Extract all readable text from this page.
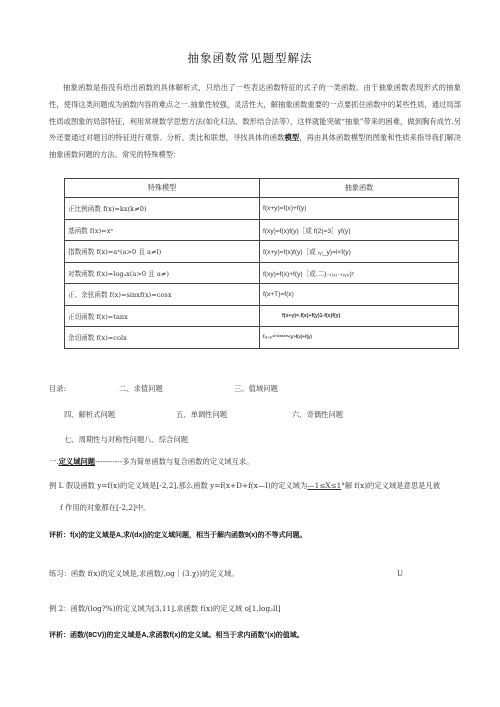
抽象函数常见题型解法
抽象函数是指没有给出函数的具体解析式，只给出了一些表达函数特征的式子的一类函数。由于抽象函数表现形式的抽象性，使得这类问题成为函数内容的难点之一.抽象性较强，灵活性大，解抽象函数重要的一点要抓住函数中的某些性质，通过局部性质或图象的局部特征，利用常规数学思想方法(如化归法、数形结合法等），这样就能突破“抽象”带来的困难，做到胸有成竹.另外还要通过对题目的特征进行观察、分析、类比和联想，寻找具体的函数模型，再由具体函数模型的图象和性质来指导我们解决抽象函数问题的方法。常见的特殊模型：
特殊模型	抽象函数
正比例函数 f(x)=kx(k≠0)	f(x+y)=f(x)+f(y)
基函数 f(x)=xⁿ	f(xy)=f(x)f(y)［或 f(2)=3］yf(y)
指数函数 f(x)=aˣ(a>0 且 a≠l)	f(x+y)=f(x)f(y)［或 ₍ᵧ₎_y)=l×f(y)
对数函数 f(x)=logₐx(a>0 且 a≠)	f(xy)=f(x)+f(y)［或.二)₋ₜ₍ₓ₎₋ₜ₍ᵧ₎ᵣ)ʸ
正、余弦函数 f(x)=sinxf(x)=cosx	f(x+T)=f(x)
正切函数 f(x)=tanx	f(x+y)=.f(x)+f(y)1-f(x)f(y)
余切函数 f(x)=colx	f₍ₓ₊ᵧ₎=¹⁽ˣ⁾ᵘ⁽ˣ⁾ᵉ<y>f(x)+f(y)
目录:	二、求值问题	三、值域问题
四、解析式问题	五、单调性问题	六、奇偶性问题
七、周期性与对称性问题八、综合问题
一.定义域问题-----------多为简单函数与复合函数的定义域互求。
例 L 假设函数 y=f(x)的定义域是[-2,2],那么函数 y=f(x+D+f(x—I)的定义域为—1≤X≤1°解 f(x)的定义域是意思是凡被
f 作用的对象都在[-2,2]中。
评析：f(x)的定义域是A,求/(dx))的定义域问题，相当于解内函数9(x)的不等式问题。
练习：函数 f(x)的定义域是,求函数/,og｜(3.χ))的定义域。	U
例 2：函数/(log?%)的定义域为[3,11],求函数 f(x)的定义域 o[1,log₂ll]
评析：函数/(8CV))的定义域是A,求函数f(x)的定义域。相当于求内函数°(x)的值域。
